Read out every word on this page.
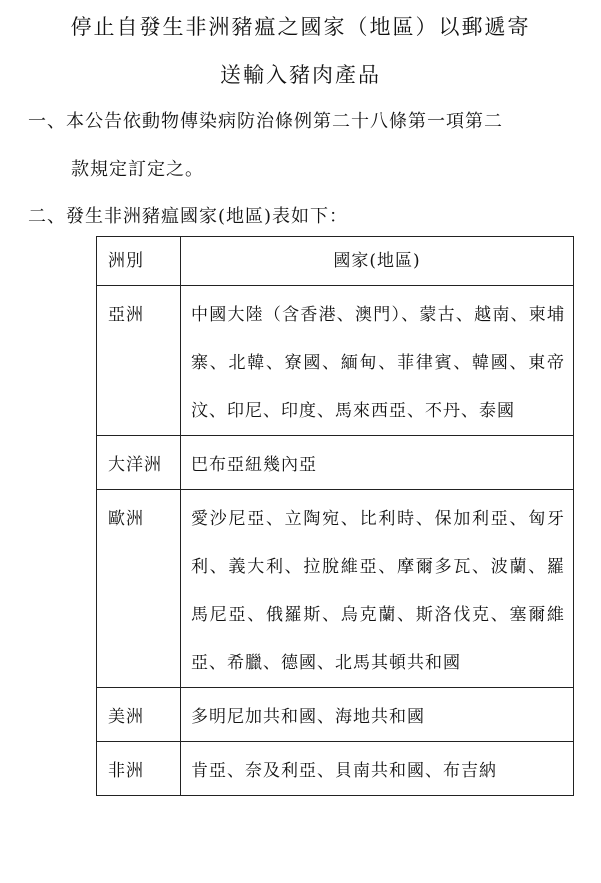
停止自發生非洲豬瘟之國家（地區）以郵遞寄
送輸入豬肉產品
一、本公告依動物傳染病防治條例第二十八條第一項第二
款規定訂定之。
二、發生非洲豬瘟國家(地區)表如下：
洲別	國家(地區)
亞洲	中國大陸（含香港、澳門）、蒙古、越南、柬埔寨、北韓、寮國、緬甸、菲律賓、韓國、東帝汶、印尼、印度、馬來西亞、不丹、泰國
大洋洲	巴布亞紐幾內亞
歐洲	愛沙尼亞、立陶宛、比利時、保加利亞、匈牙利、義大利、拉脫維亞、摩爾多瓦、波蘭、羅馬尼亞、俄羅斯、烏克蘭、斯洛伐克、塞爾維亞、希臘、德國、北馬其頓共和國
美洲	多明尼加共和國、海地共和國
非洲	肯亞、奈及利亞、貝南共和國、布吉納
